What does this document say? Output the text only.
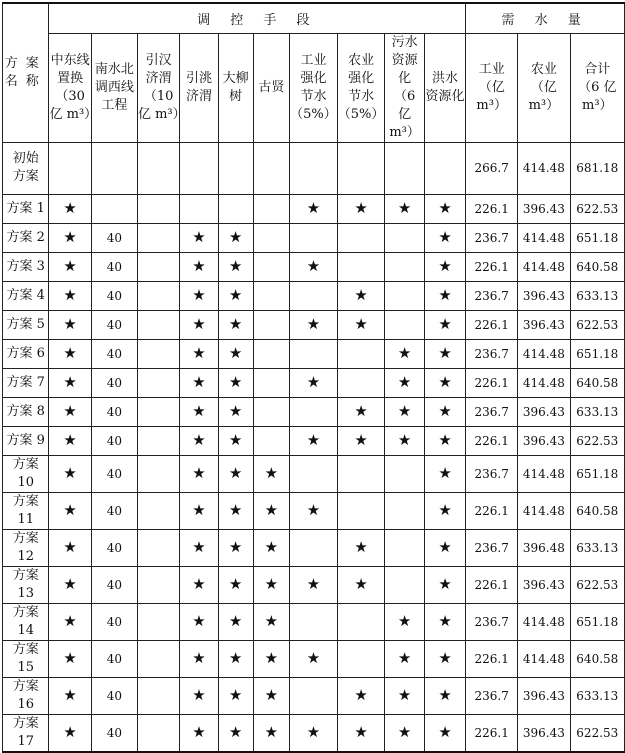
方案
名称	调 控 手 段										需 水 量		

	中东线
置换
（30
亿 m³）	南水北
调西线
工程	引汉
济渭
（10
亿 m³）	引洮
济渭	大柳
树	古贤	工业
强化
节水
（5%）	农业
强化
节水
（5%）	污水
资源化
（6
亿 m³）	洪水
资源化	工业
（亿 m³）	农业
（亿 m³）	合计
（6 亿 m³）

初始
方案											266.7	414.48	681.18
方案 1	★						★	★	★	★	226.1	396.43	622.53
方案 2	★	40		★	★					★	236.7	414.48	651.18
方案 3	★	40		★	★		★			★	226.1	414.48	640.58
方案 4	★	40		★	★			★		★	236.7	396.43	633.13
方案 5	★	40		★	★		★	★		★	226.1	396.43	622.53
方案 6	★	40		★	★				★	★	236.7	414.48	651.18
方案 7	★	40		★	★		★		★	★	226.1	414.48	640.58
方案 8	★	40		★	★			★	★	★	236.7	396.43	633.13
方案 9	★	40		★	★		★	★	★	★	226.1	396.43	622.53
方案 10	★	40		★	★	★				★	236.7	414.48	651.18
方案 11	★	40		★	★	★	★			★	226.1	414.48	640.58
方案 12	★	40		★	★	★		★		★	236.7	396.48	633.13
方案 13	★	40		★	★	★	★	★		★	226.1	396.43	622.53
方案 14	★	40		★	★	★			★	★	236.7	414.48	651.18
方案 15	★	40		★	★	★	★		★	★	226.1	414.48	640.58
方案 16	★	40		★	★	★		★	★	★	236.7	396.43	633.13
方案 17	★	40		★	★	★	★	★	★	★	226.1	396.43	622.53
